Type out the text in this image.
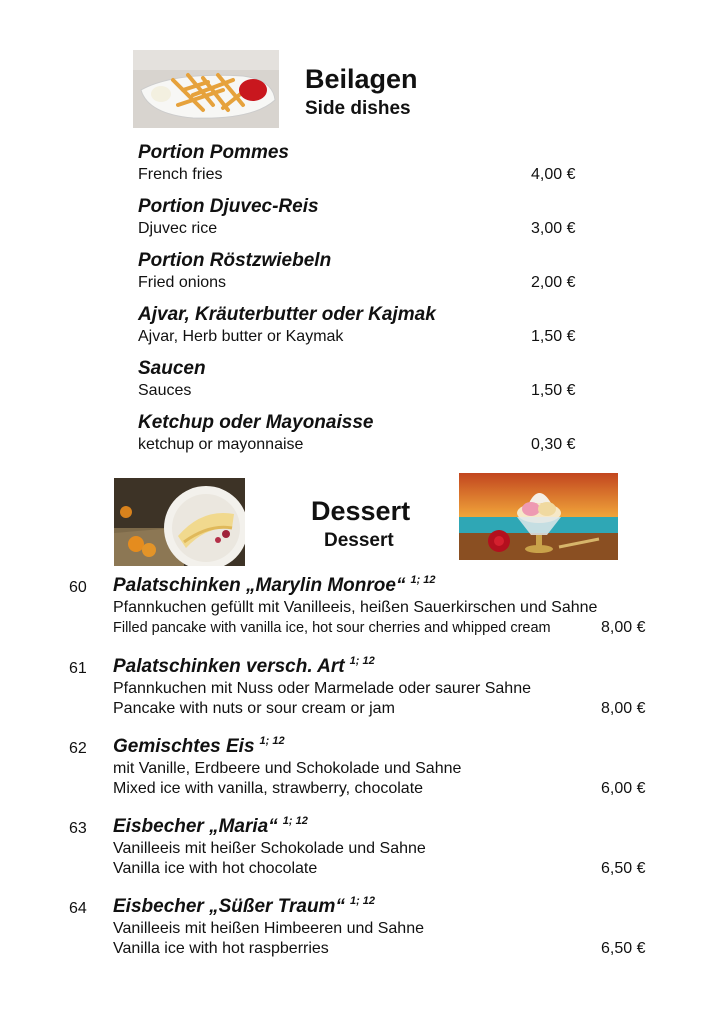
Beilagen
Side dishes
Portion Pommes
French fries	4,00 €
Portion Djuvec-Reis
Djuvec rice	3,00 €
Portion Röstzwiebeln
Fried onions	2,00 €
Ajvar, Kräuterbutter oder Kajmak
Ajvar, Herb butter or Kaymak	1,50 €
Saucen
Sauces	1,50 €
Ketchup oder Mayonaisse
ketchup or mayonnaise	0,30 €
Dessert
Dessert
60 Palatschinken „Marylin Monroe“ $^{1; 12}$
Pfannkuchen gefüllt mit Vanilleeis, heißen Sauerkirschen und Sahne
Filled pancake with vanilla ice, hot sour cherries and whipped cream	8,00 €
61 Palatschinken versch. Art $^{1; 12}$
Pfannkuchen mit Nuss oder Marmelade oder saurer Sahne
Pancake with nuts or sour cream or jam	8,00 €
62 Gemischtes Eis $^{1; 12}$
mit Vanille, Erdbeere und Schokolade und Sahne
Mixed ice with vanilla, strawberry, chocolate	6,00 €
63 Eisbecher „Maria“ $^{1; 12}$
Vanilleeis mit heißer Schokolade und Sahne
Vanilla ice with hot chocolate	6,50 €
64 Eisbecher „Süßer Traum“ $^{1; 12}$
Vanilleeis mit heißen Himbeeren und Sahne
Vanilla ice with hot raspberries	6,50 €
